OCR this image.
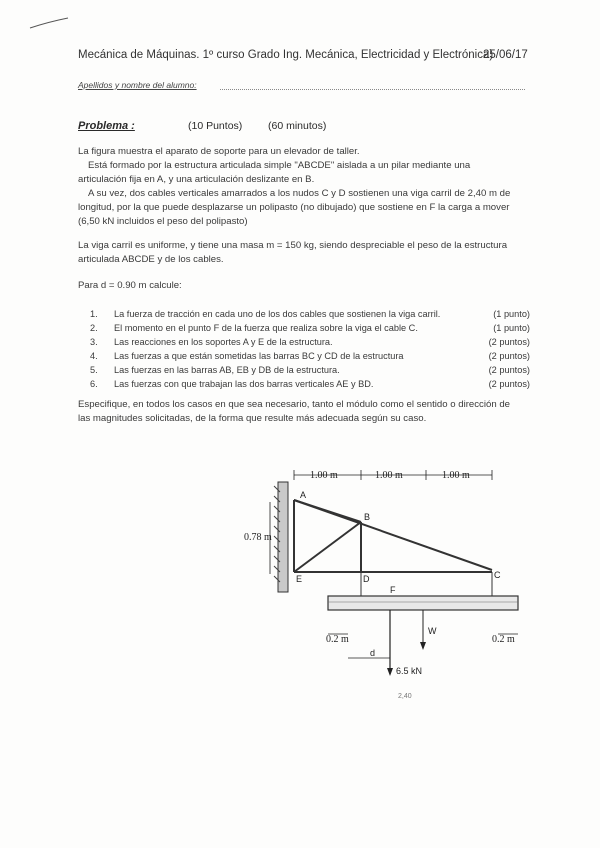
Mecánica de Máquinas. 1º curso Grado Ing. Mecánica, Electricidad y Electrónica)
25/06/17
Apellidos y nombre del alumno:
Problema :	(10 Puntos) (60 minutos)

La figura muestra el aparato de soporte para un elevador de taller.

Está formado por la estructura articulada simple "ABCDE" aislada a un pilar mediante una

articulación fija en A, y una articulación deslizante en B.

A su vez, dos cables verticales amarrados a los nudos C y D sostienen una viga carril de 2,40 m de

longitud, por la que puede desplazarse un polipasto (no dibujado) que sostiene en F la carga a mover

(6,50 kN incluidos el peso del polipasto)

La viga carril es uniforme, y tiene una masa m = 150 kg, siendo despreciable el peso de la estructura

articulada ABCDE y de los cables.

Para d = 0.90 m calcule:

1. La fuerza de tracción en cada uno de los dos cables que sostienen la viga carril.	(1 punto)
2. El momento en el punto F de la fuerza que realiza sobre la viga el cable C.	(1 punto)
3. Las reacciones en los soportes A y E de la estructura.	(2 puntos)
4. Las fuerzas a que están sometidas las barras BC y CD de la estructura	(2 puntos)
5. Las fuerzas en las barras AB, EB y DB de la estructura.	(2 puntos)
6. Las fuerzas con que trabajan las dos barras verticales AE y BD.	(2 puntos)

Especifique, en todos los casos en que sea necesario, tanto el módulo como el sentido o dirección de

las magnitudes solicitadas, de la forma que resulte más adecuada según su caso.

1.00 m	1.00 m	1.00 m
0.78 m
A
B
C
D
E
F
0.2 m	0.2 m
W
6.5 kN
d
2,40
